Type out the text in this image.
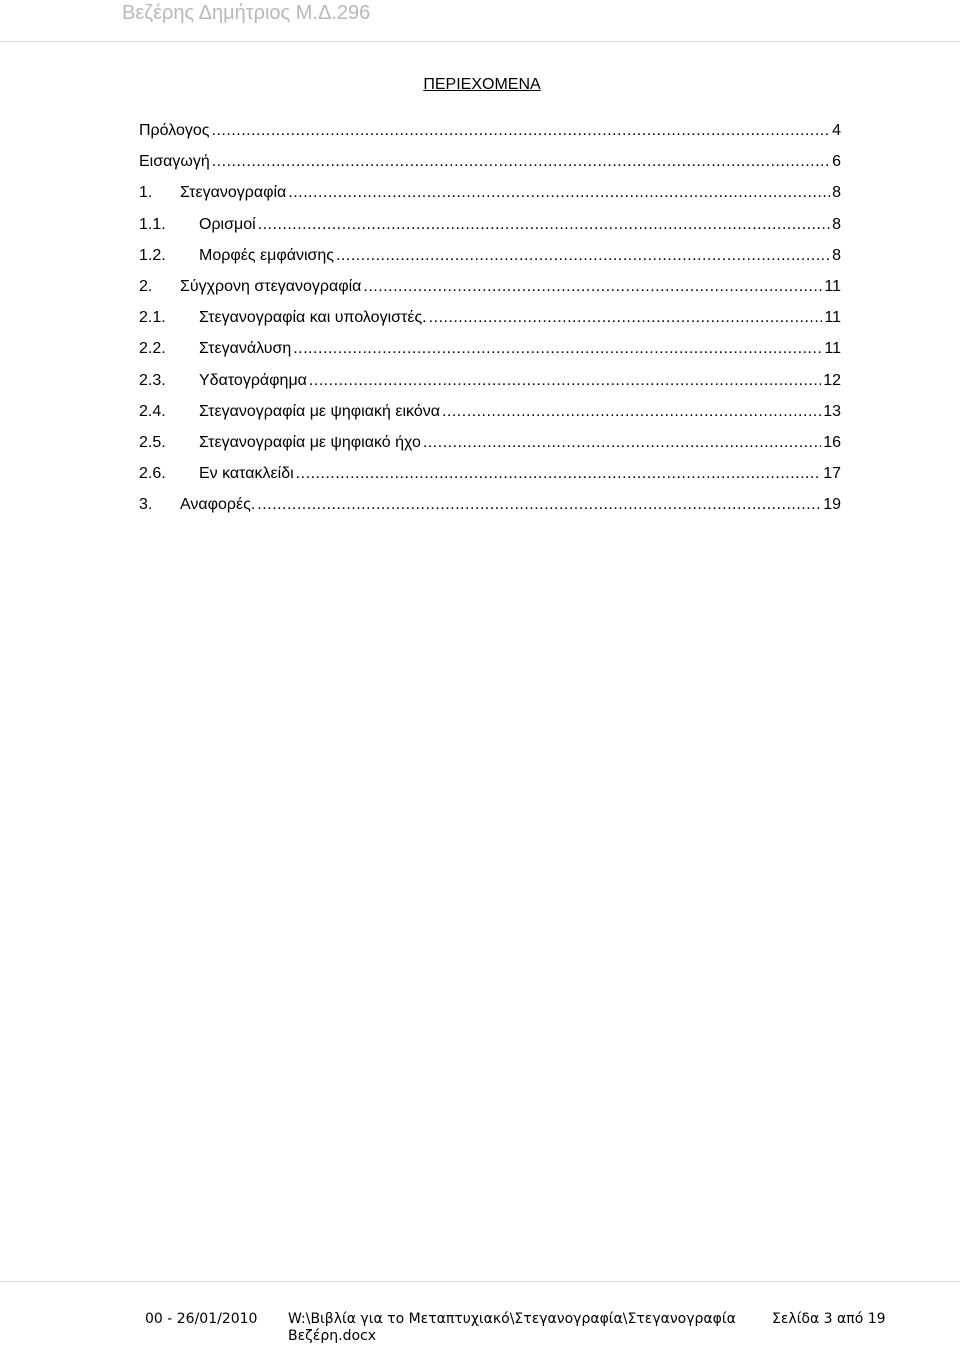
Βεζέρης Δημήτριος Μ.Δ.296
ΠΕΡΙΕΧΟΜΕΝΑ
Πρόλογος .....	4
Εισαγωγή .....	6
1.	Στεγανογραφία .....	8
1.1.	Ορισμοί .....	8
1.2.	Μορφές εμφάνισης .....	8
2.	Σύγχρονη στεγανογραφία .....	11
2.1.	Στεγανογραφία και υπολογιστές. .....	11
2.2.	Στεγανάλυση .....	11
2.3.	Υδατογράφημα .....	12
2.4.	Στεγανογραφία με ψηφιακή εικόνα .....	13
2.5.	Στεγανογραφία με ψηφιακό ήχο .....	16
2.6.	Εν κατακλείδι .....	17
3.	Αναφορές. .....	19
00 - 26/01/2010 W:\Βιβλία για το Μεταπτυχιακό\Στεγανογραφία\Στεγανογραφία Βεζέρη.docx
Σελίδα 3 από 19
